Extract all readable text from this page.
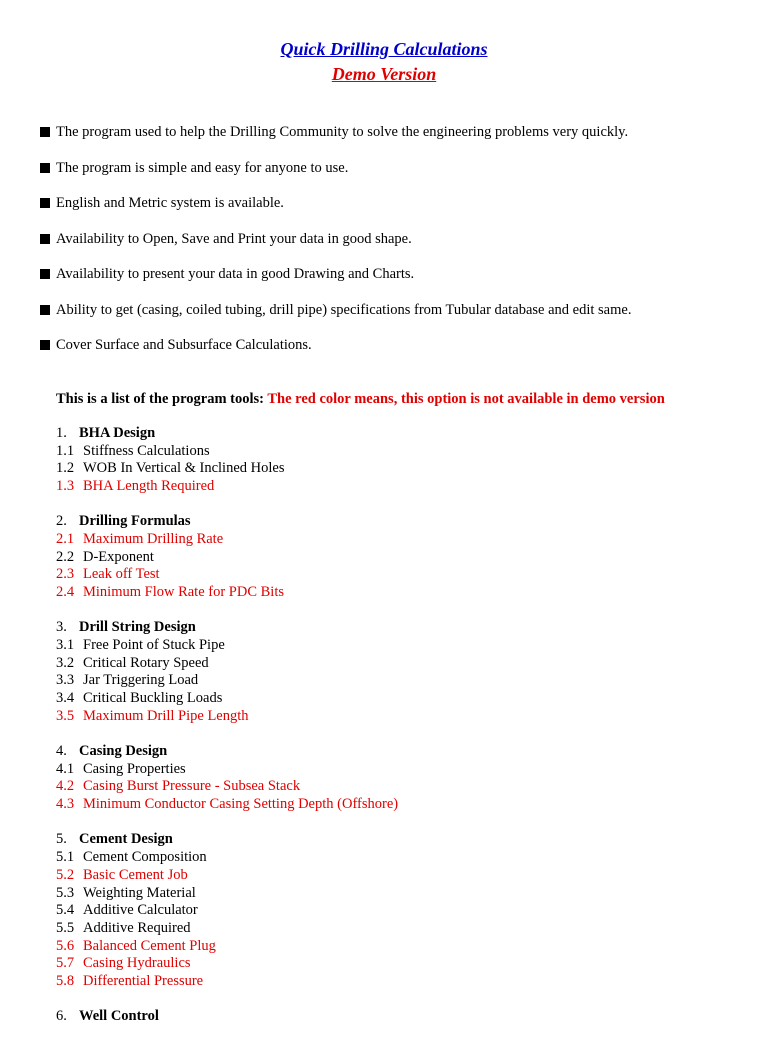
Quick Drilling Calculations
Demo Version
The program used to help the Drilling Community to solve the engineering problems very quickly.
The program is simple and easy for anyone to use.
English and Metric system is available.
Availability to Open, Save and Print your data in good shape.
Availability to present your data in good Drawing and Charts.
Ability to get (casing, coiled tubing, drill pipe) specifications from Tubular database and edit same.
Cover Surface and Subsurface Calculations.
This is a list of the program tools: The red color means, this option is not available in demo version
1. BHA Design
1.1 Stiffness Calculations
1.2 WOB In Vertical & Inclined Holes
1.3 BHA Length Required
2. Drilling Formulas
2.1 Maximum Drilling Rate
2.2 D-Exponent
2.3 Leak off Test
2.4 Minimum Flow Rate for PDC Bits
3. Drill String Design
3.1 Free Point of Stuck Pipe
3.2 Critical Rotary Speed
3.3 Jar Triggering Load
3.4 Critical Buckling Loads
3.5 Maximum Drill Pipe Length
4. Casing Design
4.1 Casing Properties
4.2 Casing Burst Pressure - Subsea Stack
4.3 Minimum Conductor Casing Setting Depth (Offshore)
5. Cement Design
5.1 Cement Composition
5.2 Basic Cement Job
5.3 Weighting Material
5.4 Additive Calculator
5.5 Additive Required
5.6 Balanced Cement Plug
5.7 Casing Hydraulics
5.8 Differential Pressure
6. Well Control
